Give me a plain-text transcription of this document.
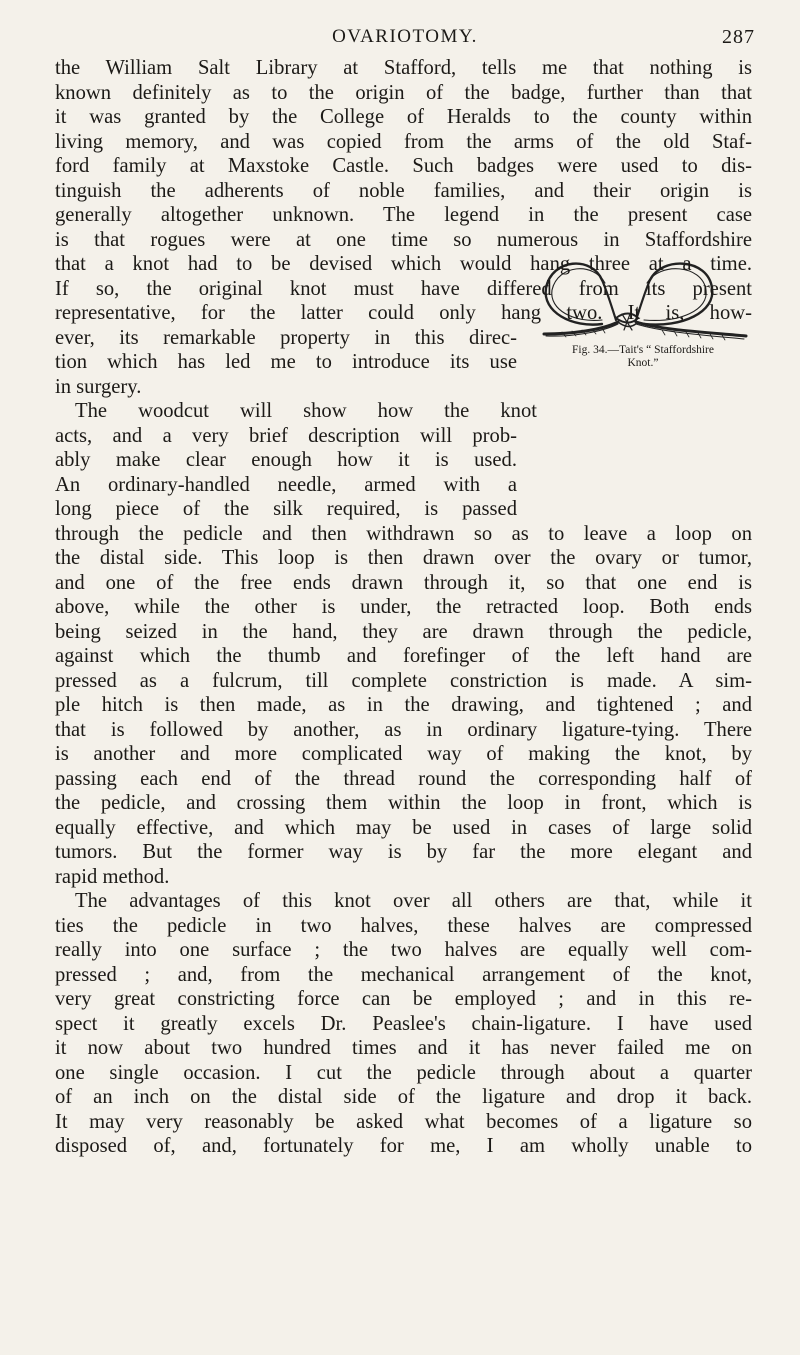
OVARIOTOMY.	287
Fig. 34.—Tait's “ Staffordshire
Knot.”
the William Salt Library at Stafford, tells me that nothing is
known definitely as to the origin of the badge, further than that
it was granted by the College of Heralds to the county within
living memory, and was copied from the arms of the old Staf-
ford family at Maxstoke Castle. Such badges were used to dis-
tinguish the adherents of noble families, and their origin is
generally altogether unknown. The legend in the present case
is that rogues were at one time so numerous in Staffordshire
that a knot had to be devised which would hang three at a time.
If so, the original knot must have differed from its present
representative, for the latter could only hang two. It is, how-
ever, its remarkable property in this direc-
tion which has led me to introduce its use
in surgery.
The woodcut will show how the knot
acts, and a very brief description will prob-
ably make clear enough how it is used.
An ordinary-handled needle, armed with a
long piece of the silk required, is passed
through the pedicle and then withdrawn so as to leave a loop on
the distal side. This loop is then drawn over the ovary or tumor,
and one of the free ends drawn through it, so that one end is
above, while the other is under, the retracted loop. Both ends
being seized in the hand, they are drawn through the pedicle,
against which the thumb and forefinger of the left hand are
pressed as a fulcrum, till complete constriction is made. A sim-
ple hitch is then made, as in the drawing, and tightened ; and
that is followed by another, as in ordinary ligature-tying. There
is another and more complicated way of making the knot, by
passing each end of the thread round the corresponding half of
the pedicle, and crossing them within the loop in front, which is
equally effective, and which may be used in cases of large solid
tumors. But the former way is by far the more elegant and
rapid method.
The advantages of this knot over all others are that, while it
ties the pedicle in two halves, these halves are compressed
really into one surface ; the two halves are equally well com-
pressed ; and, from the mechanical arrangement of the knot,
very great constricting force can be employed ; and in this re-
spect it greatly excels Dr. Peaslee's chain-ligature. I have used
it now about two hundred times and it has never failed me on
one single occasion. I cut the pedicle through about a quarter
of an inch on the distal side of the ligature and drop it back.
It may very reasonably be asked what becomes of a ligature so
disposed of, and, fortunately for me, I am wholly unable to
